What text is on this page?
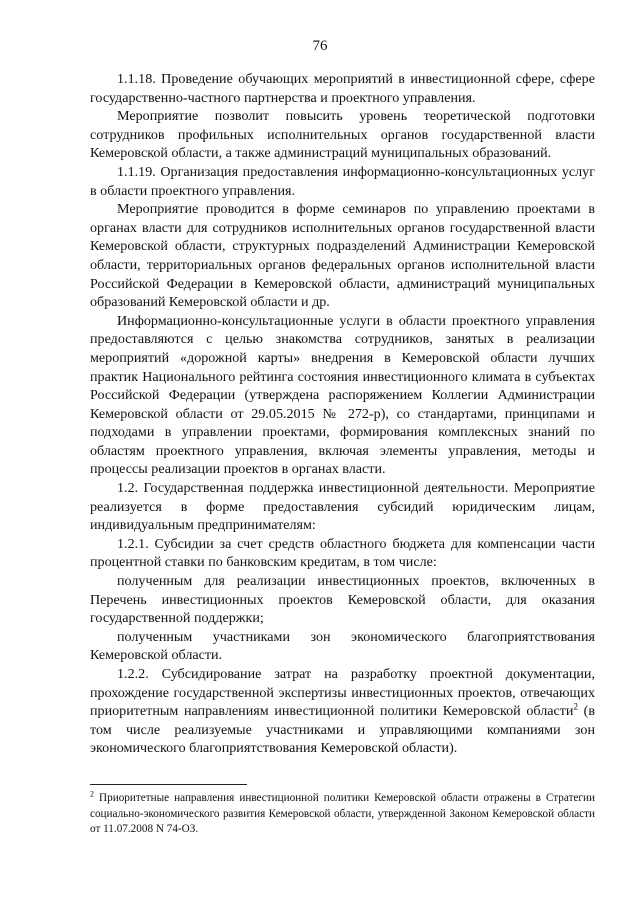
76

1.1.18. Проведение обучающих мероприятий в инвестиционной сфере, сфере государственно-частного партнерства и проектного управления.

Мероприятие позволит повысить уровень теоретической подготовки сотрудников профильных исполнительных органов государственной власти Кемеровской области, а также администраций муниципальных образований.

1.1.19. Организация предоставления информационно-консультационных услуг в области проектного управления.

Мероприятие проводится в форме семинаров по управлению проектами в органах власти для сотрудников исполнительных органов государственной власти Кемеровской области, структурных подразделений Администрации Кемеровской области, территориальных органов федеральных органов исполнительной власти Российской Федерации в Кемеровской области, администраций муниципальных образований Кемеровской области и др.

Информационно-консультационные услуги в области проектного управления предоставляются с целью знакомства сотрудников, занятых в реализации мероприятий «дорожной карты» внедрения в Кемеровской области лучших практик Национального рейтинга состояния инвестиционного климата в субъектах Российской Федерации (утверждена распоряжением Коллегии Администрации Кемеровской области от 29.05.2015 № 272-р), со стандартами, принципами и подходами в управлении проектами, формирования комплексных знаний по областям проектного управления, включая элементы управления, методы и процессы реализации проектов в органах власти.

1.2. Государственная поддержка инвестиционной деятельности. Мероприятие реализуется в форме предоставления субсидий юридическим лицам, индивидуальным предпринимателям:

1.2.1. Субсидии за счет средств областного бюджета для компенсации части процентной ставки по банковским кредитам, в том числе:

полученным для реализации инвестиционных проектов, включенных в Перечень инвестиционных проектов Кемеровской области, для оказания государственной поддержки;

полученным участниками зон экономического благоприятствования Кемеровской области.

1.2.2. Субсидирование затрат на разработку проектной документации, прохождение государственной экспертизы инвестиционных проектов, отвечающих приоритетным направлениям инвестиционной политики Кемеровской области$^2$ (в том числе реализуемые участниками и управляющими компаниями зон экономического благоприятствования Кемеровской области).

$^2$ Приоритетные направления инвестиционной политики Кемеровской области отражены в Стратегии социально-экономического развития Кемеровской области, утвержденной Законом Кемеровской области от 11.07.2008 N 74-ОЗ.
